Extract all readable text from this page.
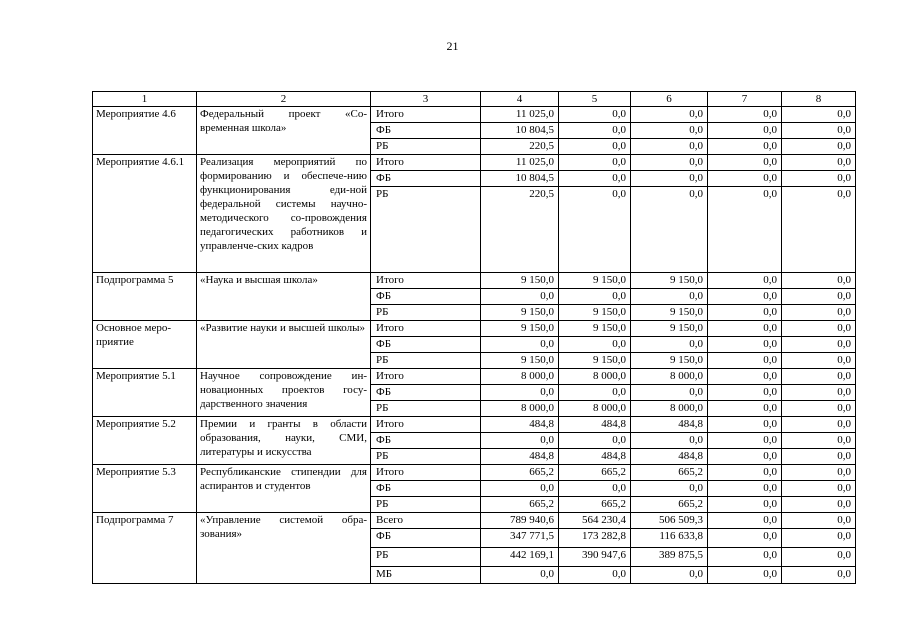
21
1	2	3	4	5	6	7	8
Мероприятие 4.6	Федеральный проект «Со-временная школа»	Итого	11 025,0	0,0	0,0	0,0	0,0
		ФБ	10 804,5	0,0	0,0	0,0	0,0
		РБ	220,5	0,0	0,0	0,0	0,0
Мероприятие 4.6.1	Реализация мероприятий по формированию и обеспече-нию функционирования еди-ной федеральной системы научно-методического со-провождения педагогических работников и управленче-ских кадров	Итого	11 025,0	0,0	0,0	0,0	0,0
		ФБ	10 804,5	0,0	0,0	0,0	0,0
		РБ	220,5	0,0	0,0	0,0	0,0
Подпрограмма 5	«Наука и высшая школа»	Итого	9 150,0	9 150,0	9 150,0	0,0	0,0
		ФБ	0,0	0,0	0,0	0,0	0,0
		РБ	9 150,0	9 150,0	9 150,0	0,0	0,0
Основное меро-приятие	«Развитие науки и высшей школы»	Итого	9 150,0	9 150,0	9 150,0	0,0	0,0
		ФБ	0,0	0,0	0,0	0,0	0,0
		РБ	9 150,0	9 150,0	9 150,0	0,0	0,0
Мероприятие 5.1	Научное сопровождение ин-новационных проектов госу-дарственного значения	Итого	8 000,0	8 000,0	8 000,0	0,0	0,0
		ФБ	0,0	0,0	0,0	0,0	0,0
		РБ	8 000,0	8 000,0	8 000,0	0,0	0,0
Мероприятие 5.2	Премии и гранты в области образования, науки, СМИ, литературы и искусства	Итого	484,8	484,8	484,8	0,0	0,0
		ФБ	0,0	0,0	0,0	0,0	0,0
		РБ	484,8	484,8	484,8	0,0	0,0
Мероприятие 5.3	Республиканские стипендии для аспирантов и студентов	Итого	665,2	665,2	665,2	0,0	0,0
		ФБ	0,0	0,0	0,0	0,0	0,0
		РБ	665,2	665,2	665,2	0,0	0,0
Подпрограмма 7	«Управление системой обра-зования»	Всего	789 940,6	564 230,4	506 509,3	0,0	0,0
		ФБ	347 771,5	173 282,8	116 633,8	0,0	0,0
		РБ	442 169,1	390 947,6	389 875,5	0,0	0,0
		МБ	0,0	0,0	0,0	0,0	0,0
